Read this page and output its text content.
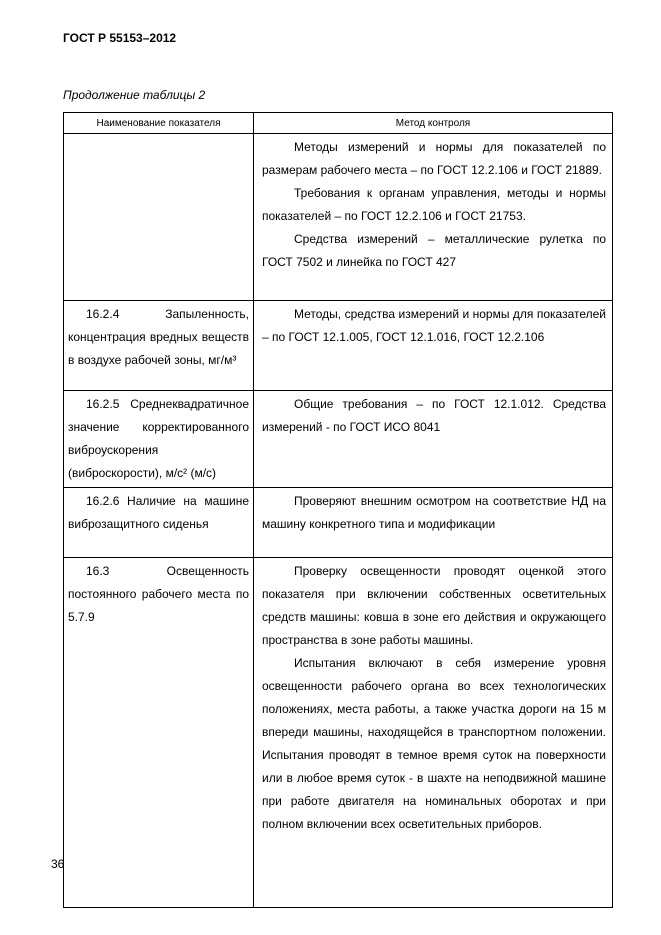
ГОСТ Р 55153–2012
Продолжение таблицы 2
Наименование показателя	Метод контроля

	Методы измерений и нормы для показателей по размерам рабочего места – по ГОСТ 12.2.106 и ГОСТ 21889.
Требования к органам управления, методы и нормы показателей – по ГОСТ 12.2.106 и ГОСТ 21753.
Средства измерений – металлические рулетка по ГОСТ 7502 и линейка по ГОСТ 427

16.2.4 Запыленность, концентрация вредных веществ в воздухе рабочей зоны, мг/м³	Методы, средства измерений и нормы для показателей – по ГОСТ 12.1.005, ГОСТ 12.1.016, ГОСТ 12.2.106

16.2.5 Среднеквадратичное значение корректированного виброускорения (виброскорости), м/с² (м/с)	Общие требования – по ГОСТ 12.1.012. Средства измерений - по ГОСТ ИСО 8041

16.2.6 Наличие на машине виброзащитного сиденья	Проверяют внешним осмотром на соответствие НД на машину конкретного типа и модификации

16.3 Освещенность постоянного рабочего места по 5.7.9	Проверку освещенности проводят оценкой этого показателя при включении собственных осветительных средств машины: ковша в зоне его действия и окружающего пространства в зоне работы машины.
Испытания включают в себя измерение уровня освещенности рабочего органа во всех технологических положениях, места работы, а также участка дороги на 15 м впереди машины, находящейся в транспортном положении. Испытания проводят в темное время суток на поверхности или в любое время суток - в шахте на неподвижной машине при работе двигателя на номинальных оборотах и при полном включении всех осветительных приборов.
36
